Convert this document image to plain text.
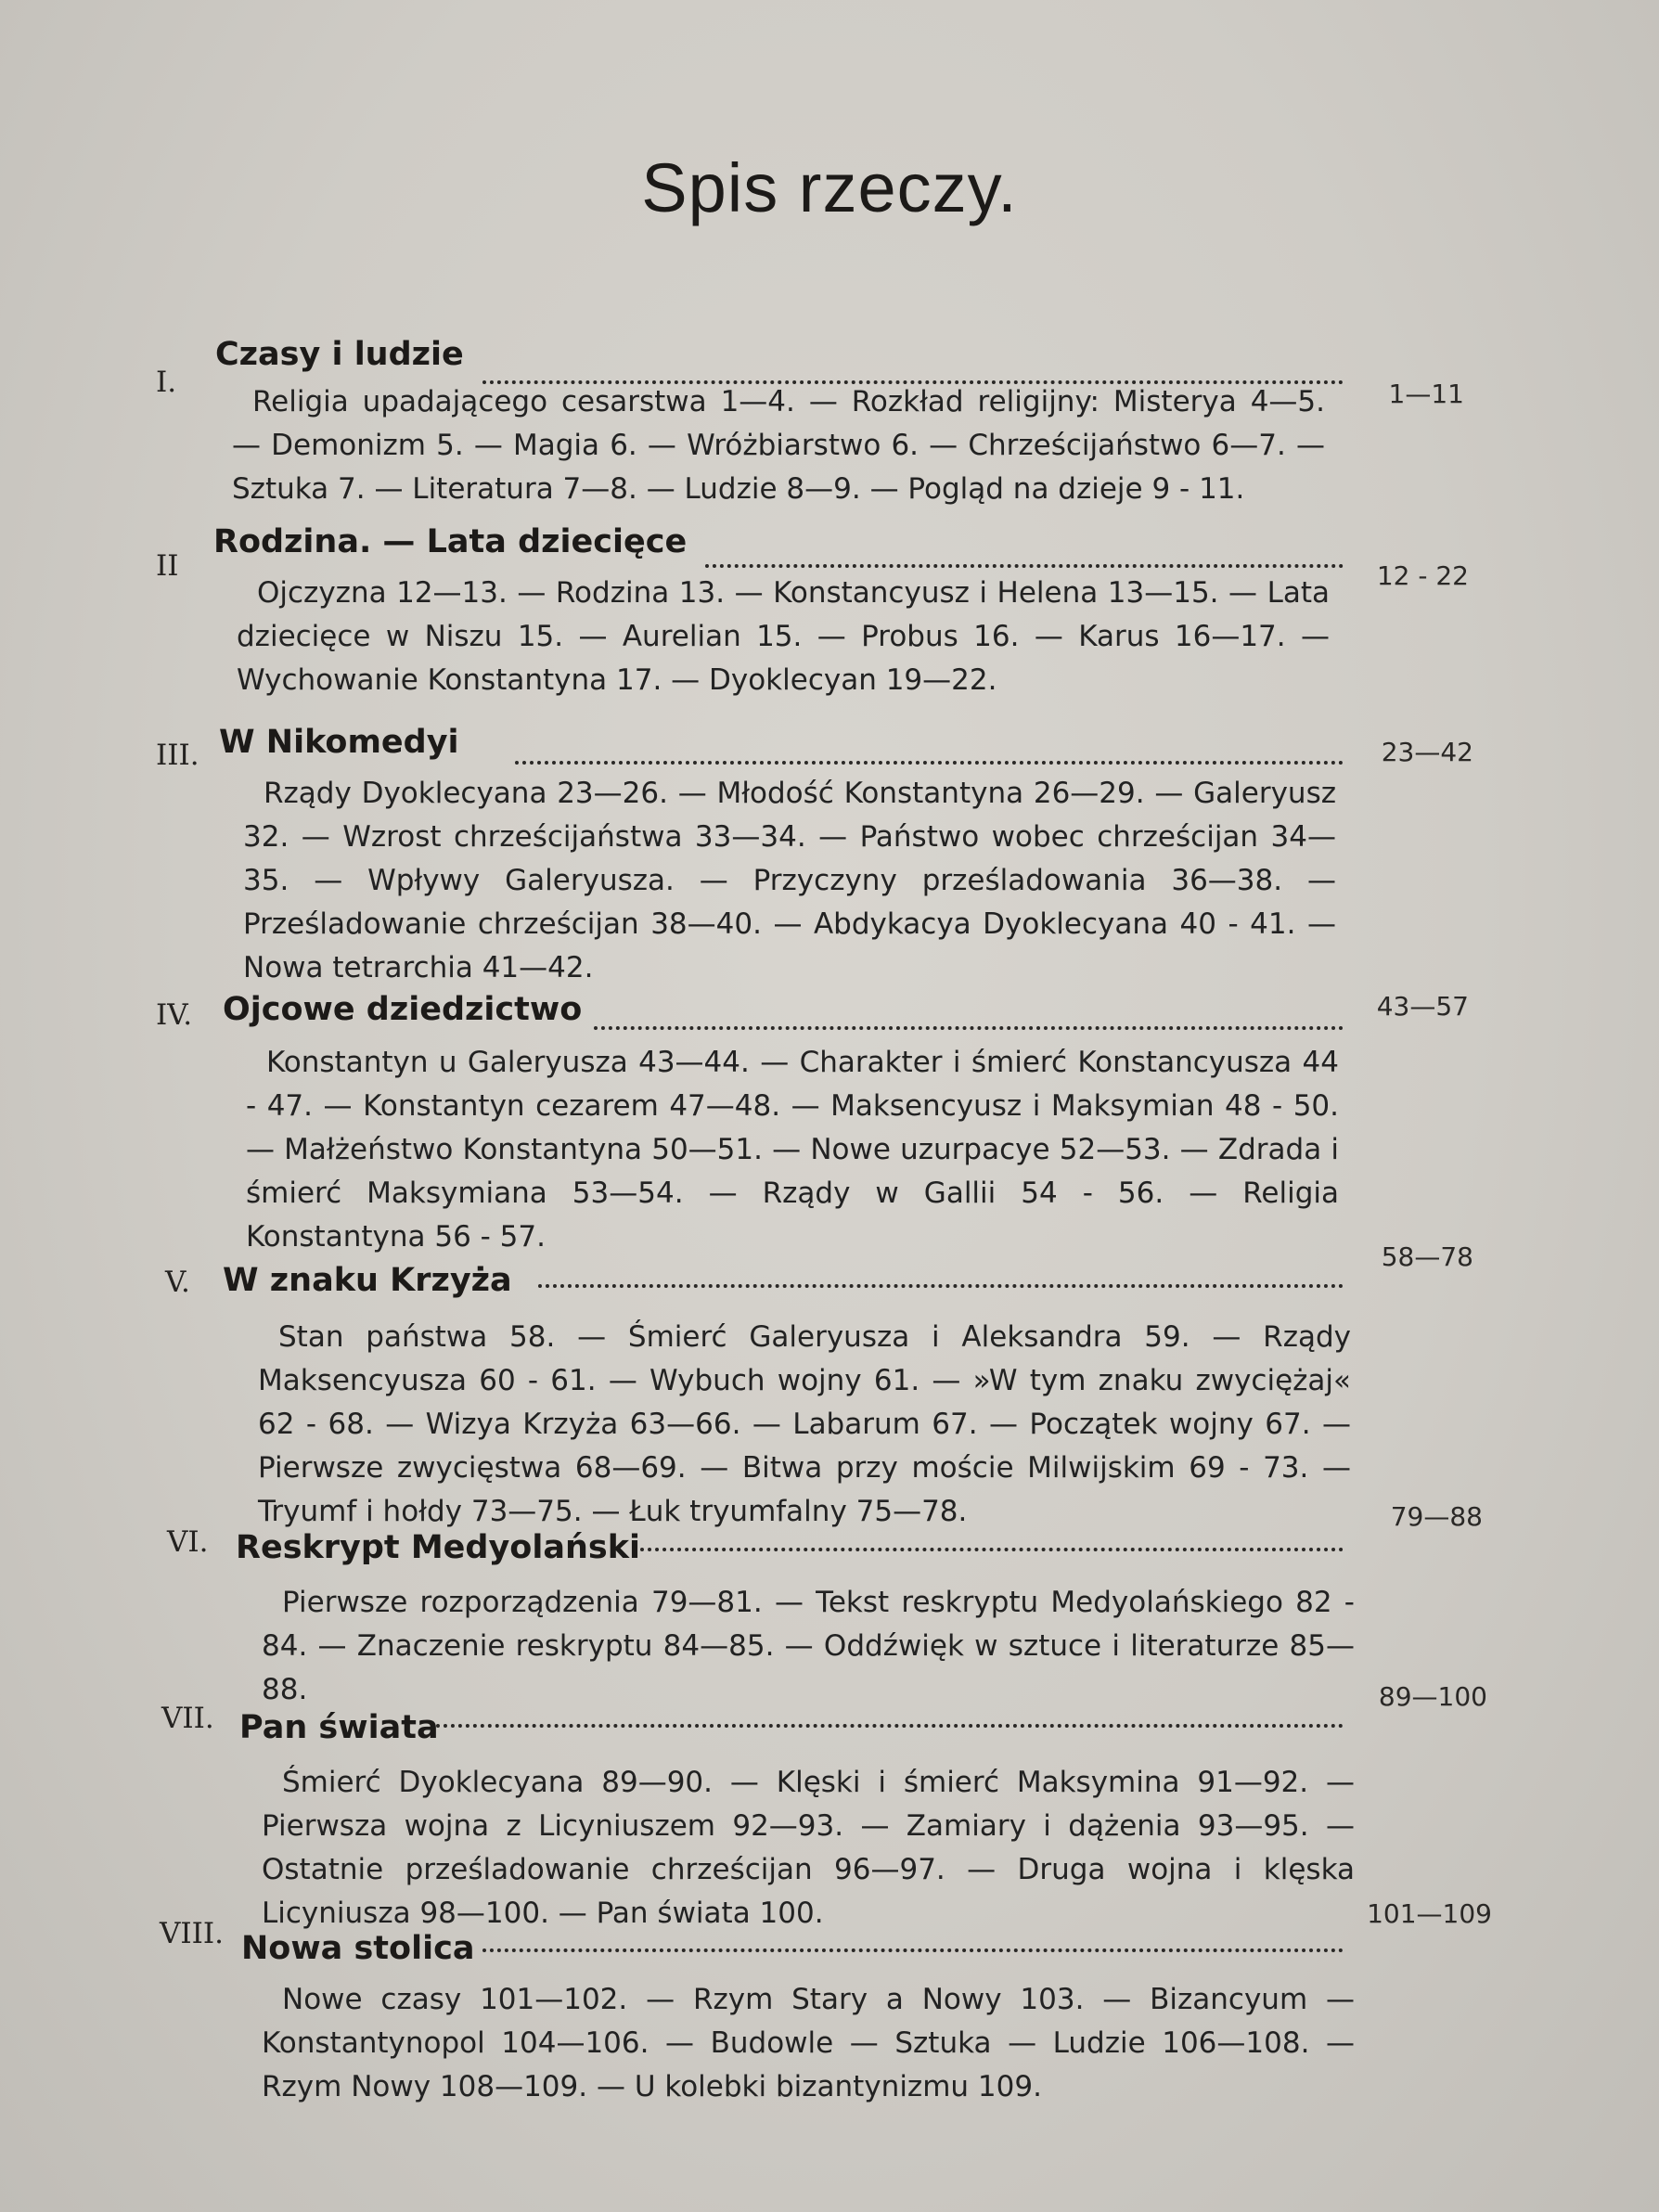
Spis rzeczy.
I.
Czasy i ludzie
1—11
Religia upadającego cesarstwa 1—4. — Rozkład religijny: Misterya 4—5. — Demonizm 5. — Magia 6. — Wróżbiarstwo 6. — Chrześcijaństwo 6—7. — Sztuka 7. — Literatura 7—8. — Ludzie 8—9. — Pogląd na dzieje 9 - 11.
II
Rodzina. — Lata dziecięce
12 - 22
Ojczyzna 12—13. — Rodzina 13. — Konstancyusz i Helena 13—15. — Lata dziecięce w Niszu 15. — Aurelian 15. — Probus 16. — Karus 16—17. — Wychowanie Konstantyna 17. — Dyoklecyan 19—22.
III. W Nikomedyi	23—42
Rządy Dyoklecyana 23—26. — Młodość Konstantyna 26—29. — Galeryusz 32. — Wzrost chrześcijaństwa 33—34. — Państwo wobec chrześcijan 34—35. — Wpływy Galeryusza. — Przyczyny prześladowania 36—38. — Prześladowanie chrześcijan 38—40. — Abdykacya Dyoklecyana 40 - 41. — Nowa tetrarchia 41—42.
IV. Ojcowe dziedzictwo	43—57
Konstantyn u Galeryusza 43—44. — Charakter i śmierć Konstancyusza 44 - 47. — Konstantyn cezarem 47—48. — Maksencyusz i Maksymian 48 - 50. — Małżeństwo Konstantyna 50—51. — Nowe uzurpacye 52—53. — Zdrada i śmierć Maksymiana 53—54. — Rządy w Gallii 54 - 56. — Religia Konstantyna 56 - 57.
V. W znaku Krzyża
58—78
Stan państwa 58. — Śmierć Galeryusza i Aleksandra 59. — Rządy Maksencyusza 60 - 61. — Wybuch wojny 61. — »W tym znaku zwyciężaj« 62 - 68. — Wizya Krzyża 63—66. — Labarum 67. — Początek wojny 67. — Pierwsze zwycięstwa 68—69. — Bitwa przy moście Milwijskim 69 - 73. — Tryumf i hołdy 73—75. — Łuk tryumfalny 75—78.
VI. Reskrypt Medyolański
79—88
Pierwsze rozporządzenia 79—81. — Tekst reskryptu Medyolańskiego 82 - 84. — Znaczenie reskryptu 84—85. — Oddźwięk w sztuce i literaturze 85—88.
VII. Pan świata
89—100
Śmierć Dyoklecyana 89—90. — Klęski i śmierć Maksymina 91—92. — Pierwsza wojna z Licyniuszem 92—93. — Zamiary i dążenia 93—95. — Ostatnie prześladowanie chrześcijan 96—97. — Druga wojna i klęska Licyniusza 98—100. — Pan świata 100.
VIII. Nowa stolica
101—109
Nowe czasy 101—102. — Rzym Stary a Nowy 103. — Bizancyum — Konstantynopol 104—106. — Budowle — Sztuka — Ludzie 106—108. — Rzym Nowy 108—109. — U kolebki bizantynizmu 109.
